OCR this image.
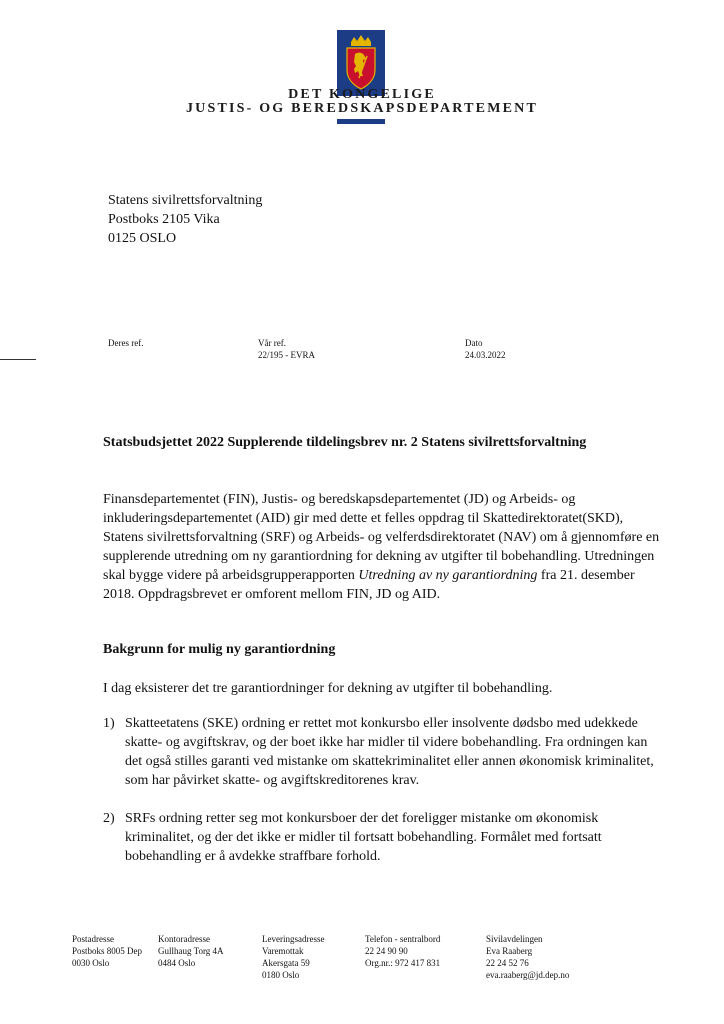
DET KONGELIGE
JUSTIS- OG BEREDSKAPSDEPARTEMENT
Statens sivilrettsforvaltning
Postboks 2105 Vika
0125 OSLO
Deres ref.	Vår ref.
22/195 - EVRA
Dato
24.03.2022
Statsbudsjettet 2022 Supplerende tildelingsbrev nr. 2 Statens sivilrettsforvaltning
Finansdepartementet (FIN), Justis- og beredskapsdepartementet (JD) og Arbeids- og inkluderingsdepartementet (AID) gir med dette et felles oppdrag til Skattedirektoratet(SKD), Statens sivilrettsforvaltning (SRF) og Arbeids- og velferdsdirektoratet (NAV) om å gjennomføre en supplerende utredning om ny garantiordning for dekning av utgifter til bobehandling. Utredningen skal bygge videre på arbeidsgrupperapporten Utredning av ny garantiordning fra 21. desember 2018. Oppdragsbrevet er omforent mellom FIN, JD og AID.
Bakgrunn for mulig ny garantiordning
I dag eksisterer det tre garantiordninger for dekning av utgifter til bobehandling.
1) Skatteetatens (SKE) ordning er rettet mot konkursbo eller insolvente dødsbo med udekkede skatte- og avgiftskrav, og der boet ikke har midler til videre bobehandling. Fra ordningen kan det også stilles garanti ved mistanke om skattekriminalitet eller annen økonomisk kriminalitet, som har påvirket skatte- og avgiftskreditorenes krav.
2) SRFs ordning retter seg mot konkursboer der det foreligger mistanke om økonomisk kriminalitet, og der det ikke er midler til fortsatt bobehandling. Formålet med fortsatt bobehandling er å avdekke straffbare forhold.
Postadresse
Postboks 8005 Dep
0030 Oslo
Kontoradresse
Gullhaug Torg 4A
0484 Oslo
Leveringsadresse
Varemottak
Akersgata 59
0180 Oslo
Telefon - sentralbord
22 24 90 90
Org.nr.: 972 417 831
Sivilavdelingen
Eva Raaberg
22 24 52 76
eva.raaberg@jd.dep.no
